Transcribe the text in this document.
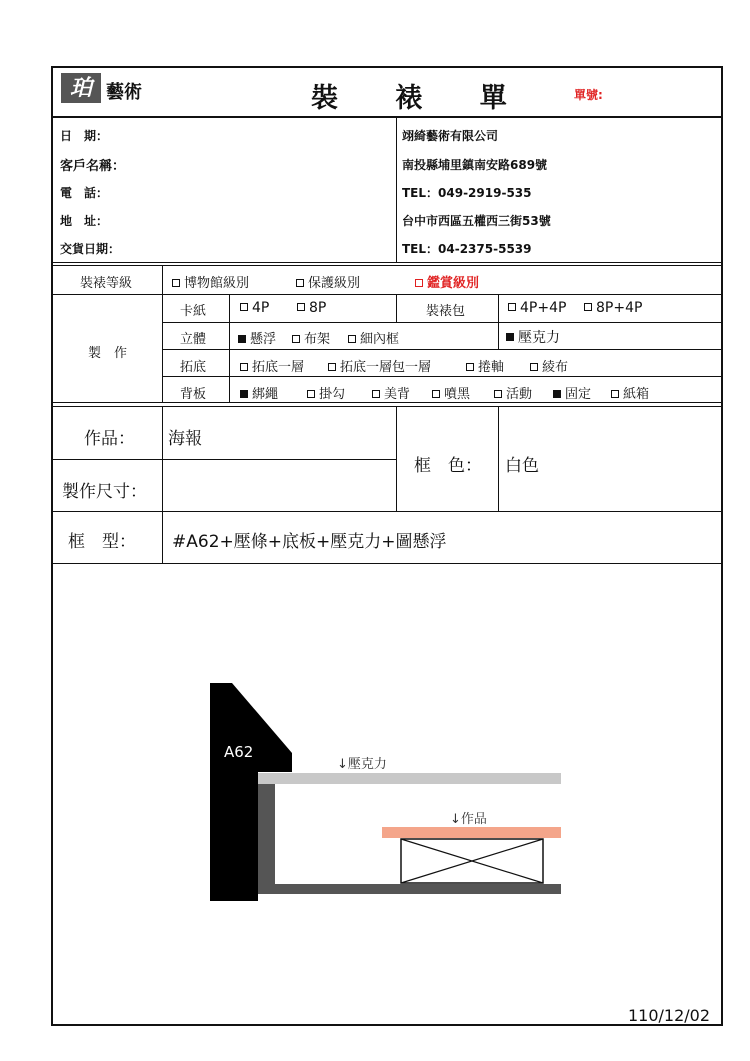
珀 藝術	裝 裱 單	單號:
日　期：
客戶名稱：
電　話：
地　址：
交貨日期：
翊綺藝術有限公司
南投縣埔里鎮南安路689號
TEL：049-2919-535
台中市西區五權西三街53號
TEL：04-2375-5539
裝裱等級	博物館級別	保護級別	鑑賞級別
製　作
卡紙	4P	8P	裝裱包	4P+4P	8P+4P
立體	懸浮	布架	細內框	壓克力
拓底	拓底一層	拓底一層包一層	捲軸	綾布
背板	綁繩	掛勾	美背	噴黑	活動	固定	紙箱
作品： 海報
框　色： 白色
製作尺寸：
框　型： #A62+壓條+底板+壓克力+圖懸浮
A62
↓壓克力
↓作品
110/12/02
